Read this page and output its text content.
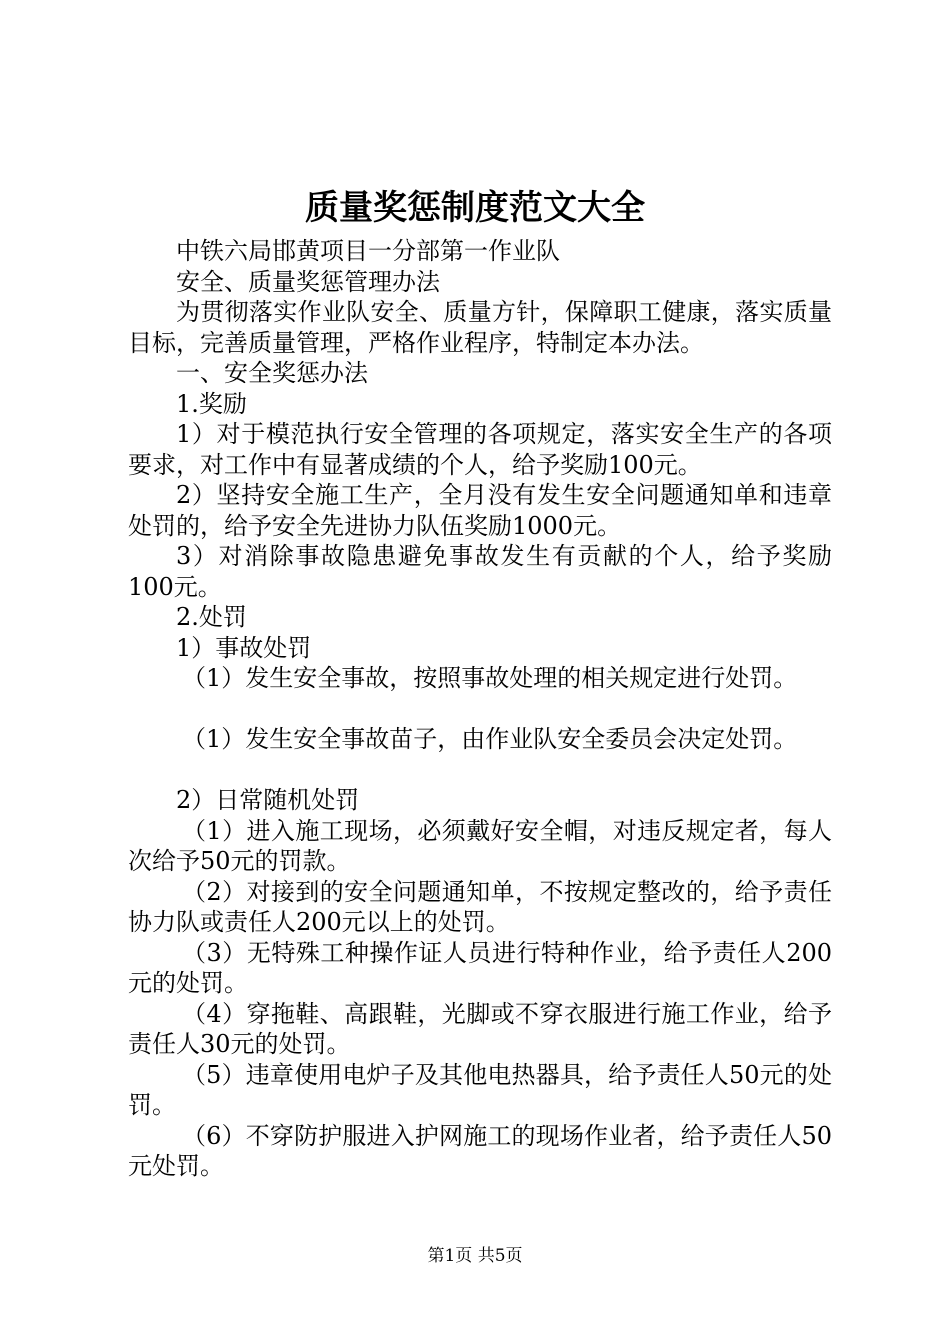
质量奖惩制度范文大全

中铁六局邯黄项目一分部第一作业队

安全、质量奖惩管理办法

为贯彻落实作业队安全、质量方针，保障职工健康，落实质量目标，完善质量管理，严格作业程序，特制定本办法。

一、安全奖惩办法

1.奖励

1）对于模范执行安全管理的各项规定，落实安全生产的各项要求，对工作中有显著成绩的个人，给予奖励100元。

2）坚持安全施工生产，全月没有发生安全问题通知单和违章处罚的，给予安全先进协力队伍奖励1000元。

3）对消除事故隐患避免事故发生有贡献的个人，给予奖励100元。

2.处罚

1）事故处罚

（1）发生安全事故，按照事故处理的相关规定进行处罚。

（1）发生安全事故苗子，由作业队安全委员会决定处罚。

2）日常随机处罚

（1）进入施工现场，必须戴好安全帽，对违反规定者，每人次给予50元的罚款。

（2）对接到的安全问题通知单，不按规定整改的，给予责任协力队或责任人200元以上的处罚。

（3）无特殊工种操作证人员进行特种作业，给予责任人200元的处罚。

（4）穿拖鞋、高跟鞋，光脚或不穿衣服进行施工作业，给予责任人30元的处罚。

（5）违章使用电炉子及其他电热器具，给予责任人50元的处罚。

（6）不穿防护服进入护网施工的现场作业者，给予责任人50元处罚。

第1页 共5页
